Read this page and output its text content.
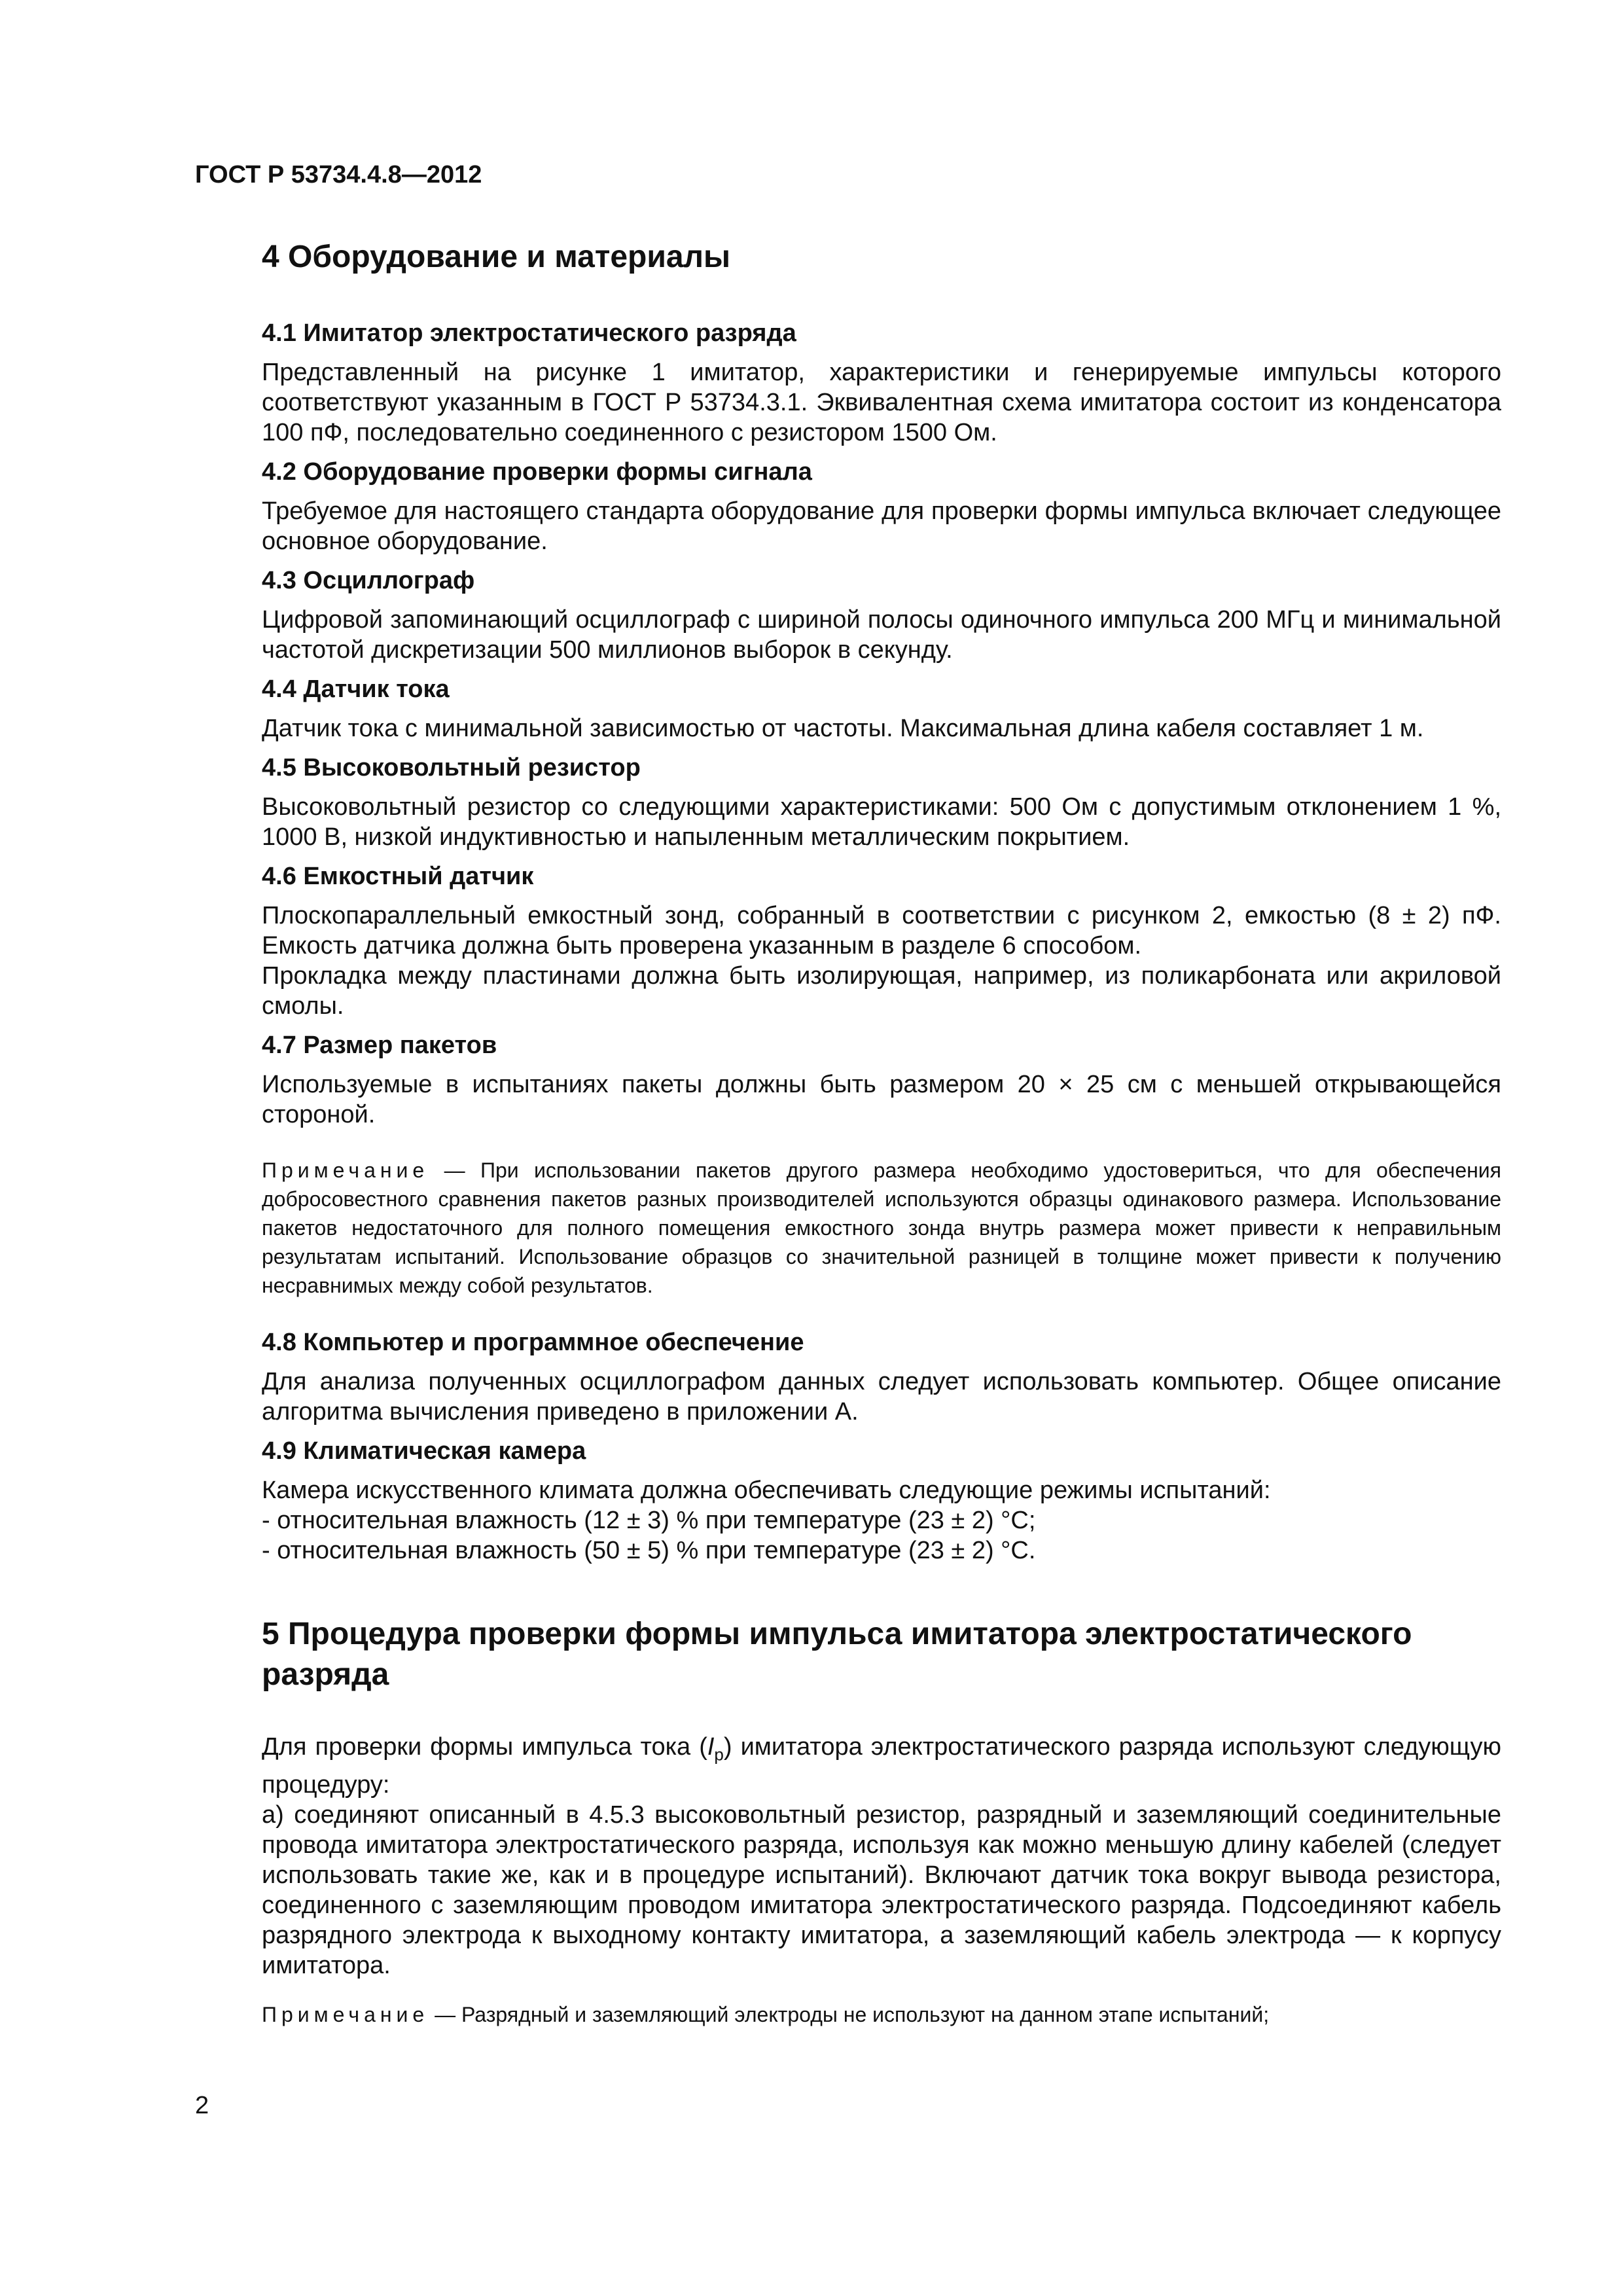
ГОСТ Р 53734.4.8—2012
4 Оборудование и материалы
4.1 Имитатор электростатического разряда
Представленный на рисунке 1 имитатор, характеристики и генерируемые импульсы которого соответствуют указанным в ГОСТ Р 53734.3.1. Эквивалентная схема имитатора состоит из конденсатора 100 пФ, последовательно соединенного с резистором 1500 Ом.
4.2 Оборудование проверки формы сигнала
Требуемое для настоящего стандарта оборудование для проверки формы импульса включает следующее основное оборудование.
4.3 Осциллограф
Цифровой запоминающий осциллограф с шириной полосы одиночного импульса 200 МГц и минимальной частотой дискретизации 500 миллионов выборок в секунду.
4.4 Датчик тока
Датчик тока с минимальной зависимостью от частоты. Максимальная длина кабеля составляет 1 м.
4.5 Высоковольтный резистор
Высоковольтный резистор со следующими характеристиками: 500 Ом с допустимым отклонением 1 %, 1000 В, низкой индуктивностью и напыленным металлическим покрытием.
4.6 Емкостный датчик
Плоскопараллельный емкостный зонд, собранный в соответствии с рисунком 2, емкостью (8 ± 2) пФ. Емкость датчика должна быть проверена указанным в разделе 6 способом.
Прокладка между пластинами должна быть изолирующая, например, из поликарбоната или акриловой смолы.
4.7 Размер пакетов
Используемые в испытаниях пакеты должны быть размером 20 × 25 см с меньшей открывающейся стороной.
Примечание — При использовании пакетов другого размера необходимо удостовериться, что для обеспечения добросовестного сравнения пакетов разных производителей используются образцы одинакового размера. Использование пакетов недостаточного для полного помещения емкостного зонда внутрь размера может привести к неправильным результатам испытаний. Использование образцов со значительной разницей в толщине может привести к получению несравнимых между собой результатов.
4.8 Компьютер и программное обеспечение
Для анализа полученных осциллографом данных следует использовать компьютер. Общее описание алгоритма вычисления приведено в приложении А.
4.9 Климатическая камера
Камера искусственного климата должна обеспечивать следующие режимы испытаний:
- относительная влажность (12 ± 3) % при температуре (23 ± 2) °С;
- относительная влажность (50 ± 5) % при температуре (23 ± 2) °С.
5 Процедура проверки формы импульса имитатора электростатического разряда
Для проверки формы импульса тока $(I_p)$ имитатора электростатического разряда используют следующую процедуру:
а) соединяют описанный в 4.5.3 высоковольтный резистор, разрядный и заземляющий соединительные провода имитатора электростатического разряда, используя как можно меньшую длину кабелей (следует использовать такие же, как и в процедуре испытаний). Включают датчик тока вокруг вывода резистора, соединенного с заземляющим проводом имитатора электростатического разряда. Подсоединяют кабель разрядного электрода к выходному контакту имитатора, а заземляющий кабель электрода — к корпусу имитатора.
Примечание — Разрядный и заземляющий электроды не используют на данном этапе испытаний;
2
